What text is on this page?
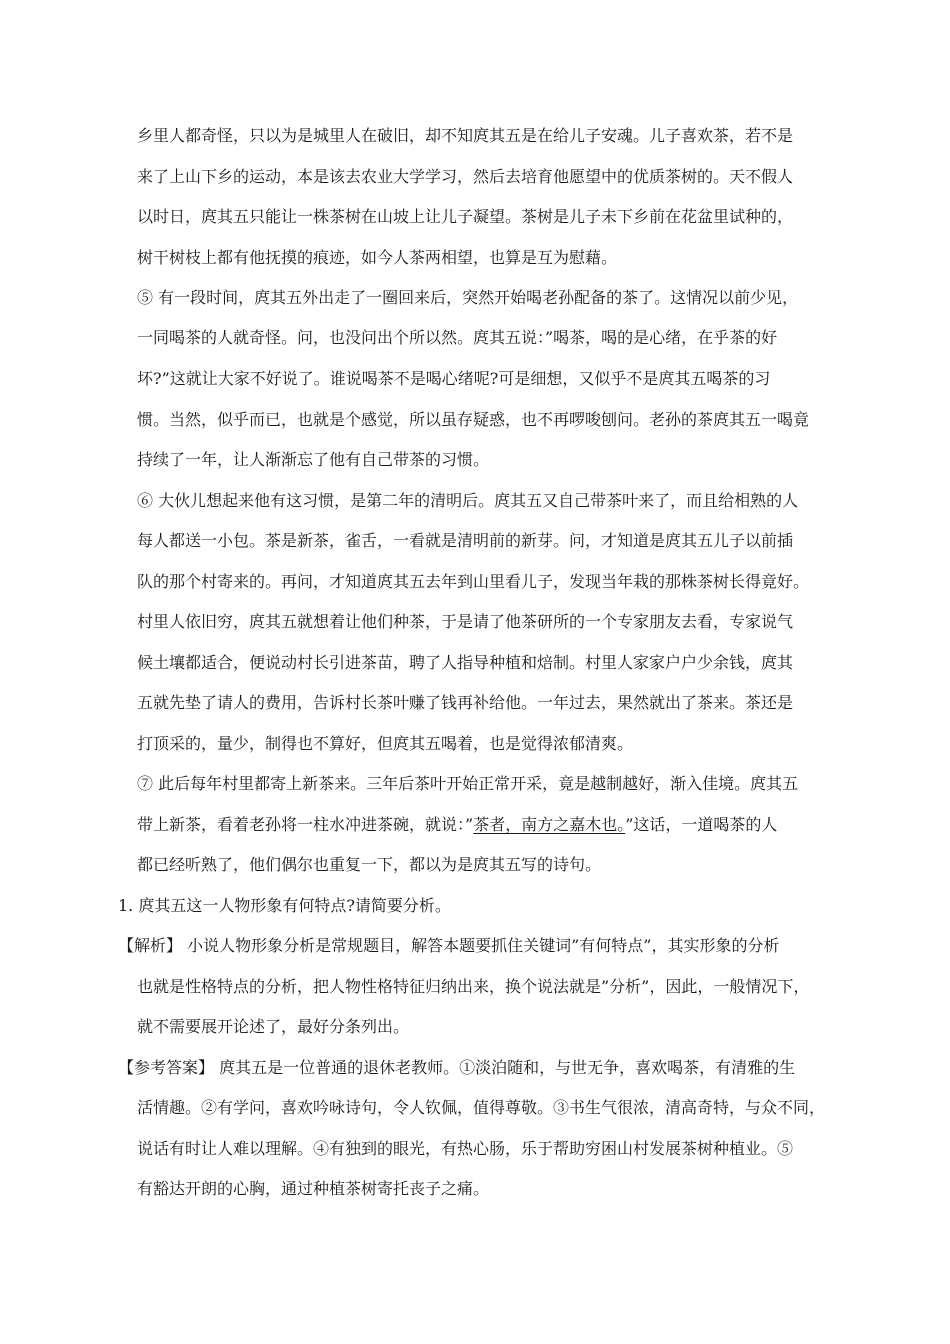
乡里人都奇怪，只以为是城里人在破旧，却不知庹其五是在给儿子安魂。儿子喜欢茶，若不是
来了上山下乡的运动，本是该去农业大学学习，然后去培育他愿望中的优质茶树的。天不假人
以时日，庹其五只能让一株茶树在山坡上让儿子凝望。茶树是儿子未下乡前在花盆里试种的，
树干树枝上都有他抚摸的痕迹，如今人茶两相望，也算是互为慰藉。
⑤ 有一段时间，庹其五外出走了一圈回来后，突然开始喝老孙配备的茶了。这情况以前少见，
一同喝茶的人就奇怪。问，也没问出个所以然。庹其五说：”喝茶，喝的是心绪，在乎茶的好
坏?”这就让大家不好说了。谁说喝茶不是喝心绪呢?可是细想，又似乎不是庹其五喝茶的习
惯。当然，似乎而已，也就是个感觉，所以虽存疑惑，也不再啰唆刨问。老孙的茶庹其五一喝竟
持续了一年，让人渐渐忘了他有自己带茶的习惯。
⑥ 大伙儿想起来他有这习惯，是第二年的清明后。庹其五又自己带茶叶来了，而且给相熟的人
每人都送一小包。茶是新茶，雀舌，一看就是清明前的新芽。问，才知道是庹其五儿子以前插
队的那个村寄来的。再问，才知道庹其五去年到山里看儿子，发现当年栽的那株茶树长得竟好。
村里人依旧穷，庹其五就想着让他们种茶，于是请了他茶研所的一个专家朋友去看，专家说气
候土壤都适合，便说动村长引进茶苗，聘了人指导种植和焙制。村里人家家户户少余钱，庹其
五就先垫了请人的费用，告诉村长茶叶赚了钱再补给他。一年过去，果然就出了茶来。茶还是
打顶采的，量少，制得也不算好，但庹其五喝着，也是觉得浓郁清爽。
⑦ 此后每年村里都寄上新茶来。三年后茶叶开始正常开采，竟是越制越好，渐入佳境。庹其五
带上新茶，看着老孙将一柱水冲进茶碗，就说：”茶者，南方之嘉木也。”这话，一道喝茶的人
都已经听熟了，他们偶尔也重复一下，都以为是庹其五写的诗句。
1. 庹其五这一人物形象有何特点?请简要分析。
【解析】 小说人物形象分析是常规题目，解答本题要抓住关键词”有何特点”，其实形象的分析
也就是性格特点的分析，把人物性格特征归纳出来，换个说法就是”分析”，因此，一般情况下，
就不需要展开论述了，最好分条列出。
【参考答案】 庹其五是一位普通的退休老教师。①淡泊随和，与世无争，喜欢喝茶，有清雅的生
活情趣。②有学问，喜欢吟咏诗句，令人钦佩，值得尊敬。③书生气很浓，清高奇特，与众不同，
说话有时让人难以理解。④有独到的眼光，有热心肠，乐于帮助穷困山村发展茶树种植业。⑤
有豁达开朗的心胸，通过种植茶树寄托丧子之痛。
